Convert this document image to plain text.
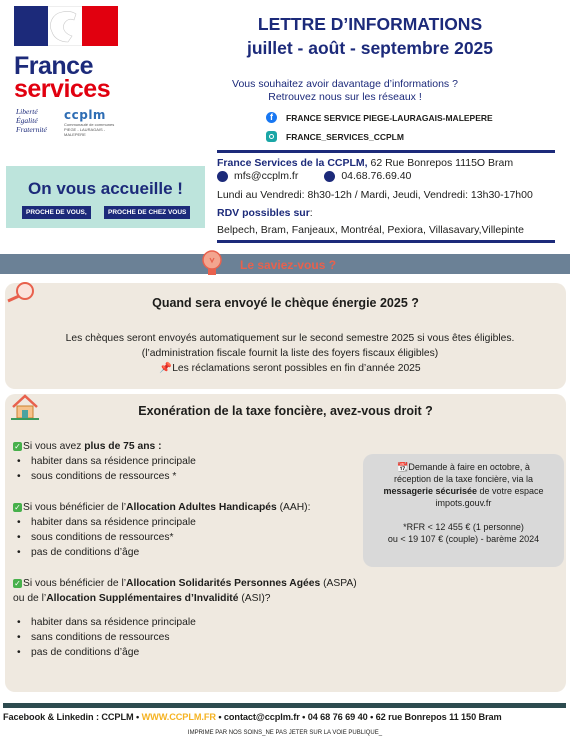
France
services
Liberté
Égalité
Fraternité
ccplm
Communauté de communes PIEGE - LAURAGAIS - MALEPERE
LETTRE D’INFORMATIONS
juillet - août - septembre 2025
Vous souhaitez avoir davantage d’informations ?
Retrouvez nous sur les réseaux !
f	FRANCE SERVICE PIEGE-LAURAGAIS-MALEPERE
FRANCE_SERVICES_CCPLM
On vous accueille !
PROCHE DE VOUS,	PROCHE DE CHEZ VOUS
France Services de la CCPLM, 62 Rue Bonrepos 1115O Bram
mfs@ccplm.fr	04.68.76.69.40
Lundi au Vendredi: 8h30-12h / Mardi, Jeudi, Vendredi: 13h30-17h00
RDV possibles sur:
Belpech, Bram, Fanjeaux, Montréal, Pexiora, Villasavary,Villepinte
Le saviez-vous ?
Quand sera envoyé le chèque énergie 2025 ?
Les chèques seront envoyés automatiquement sur le second semestre 2025 si vous êtes éligibles.
(l’administration fiscale fournit la liste des foyers fiscaux éligibles)
📌Les réclamations seront possibles en fin d’année 2025
Exonération de la taxe foncière, avez-vous droit ?
✓ Si vous avez plus de 75 ans :
• habiter dans sa résidence principale
• sous conditions de ressources *
✓ Si vous bénéficier de l’Allocation Adultes Handicapés (AAH):
• habiter dans sa résidence principale
• sous conditions de ressources*
• pas de conditions d’âge
✓ Si vous bénéficier de l’Allocation Solidarités Personnes Agées (ASPA)
ou de l’Allocation Supplémentaires d’Invalidité (ASI)?
• habiter dans sa résidence principale
• sans conditions de ressources
• pas de conditions d’âge
📆Demande à faire en octobre, à
réception de la taxe foncière, via la
messagerie sécurisée de votre espace
impots.gouv.fr
*RFR < 12 455 € (1 personne)
ou < 19 107 € (couple) - barème 2024
Facebook & Linkedin : CCPLM • WWW.CCPLM.FR • contact@ccplm.fr • 04 68 76 69 40 • 62 rue Bonrepos 11 150 Bram
IMPRIME PAR NOS SOINS_NE PAS JETER SUR LA VOIE PUBLIQUE_
